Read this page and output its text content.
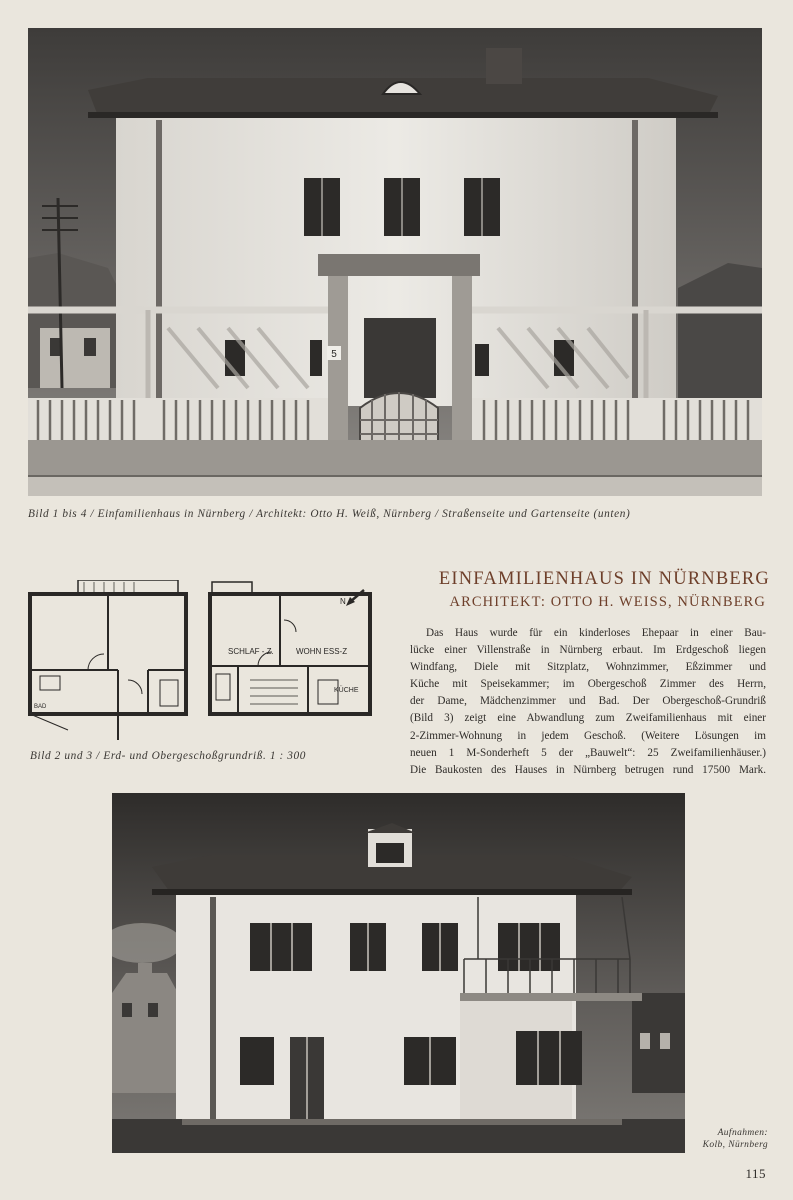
5
Bild 1 bis 4 / Einfamilienhaus in Nürnberg / Architekt: Otto H. Weiß, Nürnberg / Straßenseite und Gartenseite (unten)
BAD
SCHLAF - Z.	WOHN ESS-Z
KÜCHE
N
Bild 2 und 3 / Erd- und Obergeschoßgrundriß. 1 : 300
EINFAMILIENHAUS IN NÜRNBERG
ARCHITEKT: OTTO H. WEISS, NÜRNBERG
Das Haus wurde für ein kinderloses Ehepaar in einer Bau-
lücke einer Villenstraße in Nürnberg erbaut. Im Erdgeschoß liegen
Windfang, Diele mit Sitzplatz, Wohnzimmer, Eßzimmer und
Küche mit Speisekammer; im Obergeschoß Zimmer des Herrn,
der Dame, Mädchenzimmer und Bad. Der Obergeschoß-Grundriß
(Bild 3) zeigt eine Abwandlung zum Zweifamilienhaus mit einer
2-Zimmer-Wohnung in jedem Geschoß. (Weitere Lösungen im
neuen 1 M-Sonderheft 5 der „Bauwelt“: 25 Zweifamilienhäuser.)
Die Baukosten des Hauses in Nürnberg betrugen rund 17500 Mark.
Aufnahmen:
Kolb, Nürnberg
115
